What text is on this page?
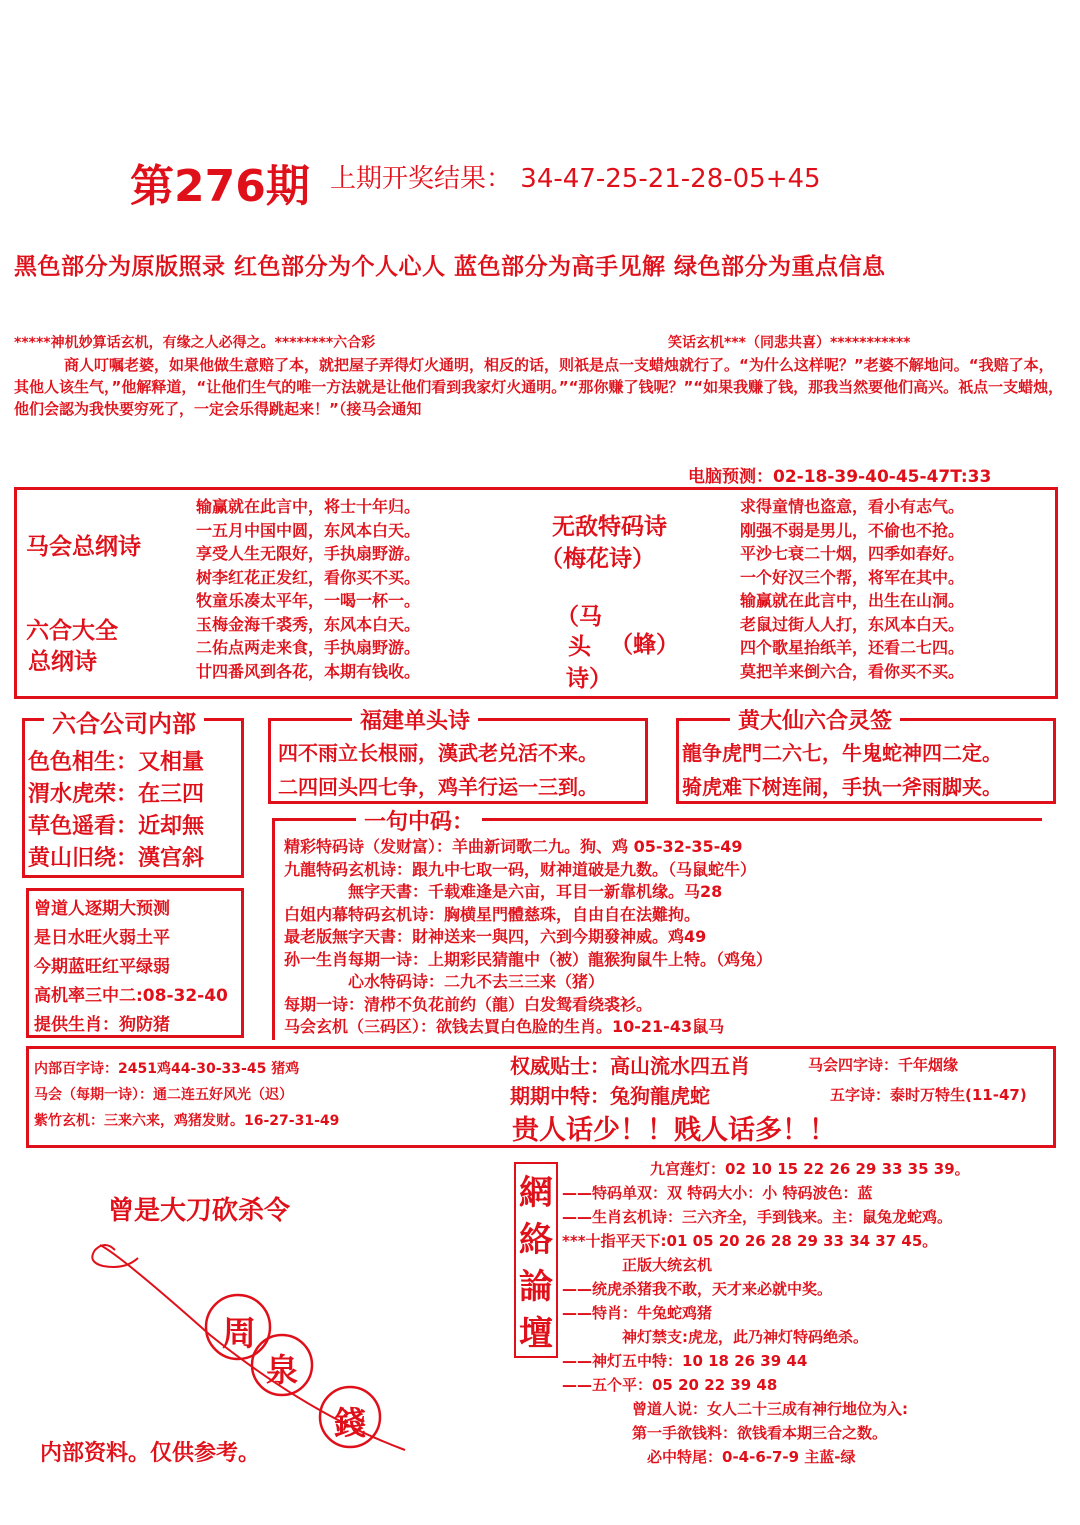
第276期 上期开奖结果： 34-47-25-21-28-05+45
黑色部分为原版照录 红色部分为个人心人 蓝色部分为高手见解 绿色部分为重点信息
*****神机妙算话玄机，有缘之人必得之。********六合彩	笑话玄机***（同悲共喜）***********
商人叮嘱老婆，如果他做生意赔了本，就把屋子弄得灯火通明，相反的话，则祇是点一支蜡烛就行了。“为什么这样呢？”老婆不解地问。“我赔了本，其他人该生气，”他解释道，“让他们生气的唯一方法就是让他们看到我家灯火通明。”“那你赚了钱呢？”“如果我赚了钱，那我当然要他们高兴。祇点一支蜡烛，他们会認为我快要穷死了，一定会乐得跳起来！”（接马会通知
电脑预测：02-18-39-40-45-47T:33
马会总纲诗
六合大全
总纲诗
输赢就在此言中，将士十年归。
一五月中国中圆，东风本白天。
享受人生无限好，手执扇野游。
树李红花正发红，看你买不买。
牧童乐凑太平年，一喝一杯一。
玉梅金海千裘秀，东风本白天。
二佑点两走来食，手执扇野游。
廿四番风到各花，本期有钱收。
无敌特码诗
（梅花诗）
（马
头 （蜂）
诗）
求得童情也盗意，看小有志气。
刚强不弱是男儿，不偷也不抢。
平沙七衰二十烟，四季如春好。
一个好汉三个帮，将军在其中。
输赢就在此言中，出生在山洞。
老鼠过街人人打，东风本白天。
四个歌星抬纸羊，还看二七四。
莫把羊来倒六合，看你买不买。
六合公司内部
色色相生：又相量
渭水虎荣：在三四
草色遥看：近却無
黄山旧绕：漢宫斜
福建单头诗
四不雨立长根丽，漢武老兑活不来。
二四回头四七争，鸡羊行运一三到。
黄大仙六合灵签
龍争虎門二六七，牛鬼蛇神四二定。
骑虎难下树连闹，手执一斧雨脚夹。
一句中码：
精彩特码诗（发财富）：羊曲新词歌二九。狗、鸡 05-32-35-49
九龍特码玄机诗：跟九中七取一码，财神道破是九数。（马鼠蛇牛）
　　　　無字天書：千载难逢是六亩，耳目一新靠机缘。马28
白姐内幕特码玄机诗：胸横星門體慈珠，自由自在法難拘。
最老版無字天書：財神送来一與四，六到今期發神威。鸡49
孙一生肖每期一诗：上期彩民猜龍中（被）龍猴狗鼠牛上特。（鸡兔）
　　　　心水特码诗：二九不去三三来（猪）
每期一诗：清栉不负花前约（龍）白发鸳看绕裘衫。
马会玄机（三码区）：欲钱去買白色脸的生肖。10-21-43鼠马
曾道人逐期大预测
是日水旺火弱土平
今期蓝旺红平绿弱
高机率三中二:08-32-40
提供生肖：狗防猪
内部百字诗：2451鸡44-30-33-45 猪鸡
马会（每期一诗）：通二连五好风光（迟）
紫竹玄机：三来六来，鸡猪发财。16-27-31-49
权威贴士：高山流水四五肖	马会四字诗：千年烟缘
期期中特：兔狗龍虎蛇	五字诗：泰时万特生(11-47)
贵人话少！！贱人话多！！
曾是大刀砍杀令
周
泉
錢
内部资料。仅供参考。
網
絡
論
壇
九宫莲灯：02 10 15 22 26 29 33 35 39。
——特码单双：双 特码大小：小 特码波色：蓝
——生肖玄机诗：三六齐全，手到钱来。主：鼠兔龙蛇鸡。
***十指平天下:01 05 20 26 28 29 33 34 37 45。
　　　　正版大统玄机
——统虎杀猪我不敢，天才来必就中奖。
——特肖：牛兔蛇鸡猪
　　　　神灯禁支:虎龙，此乃神灯特码绝杀。
——神灯五中特：10 18 26 39 44
——五个平：05 20 22 39 48
　　曾道人说：女人二十三成有神行地位为入:
　　第一手欲钱料：欲钱看本期三合之数。
　　　必中特尾：0-4-6-7-9 主蓝-绿
